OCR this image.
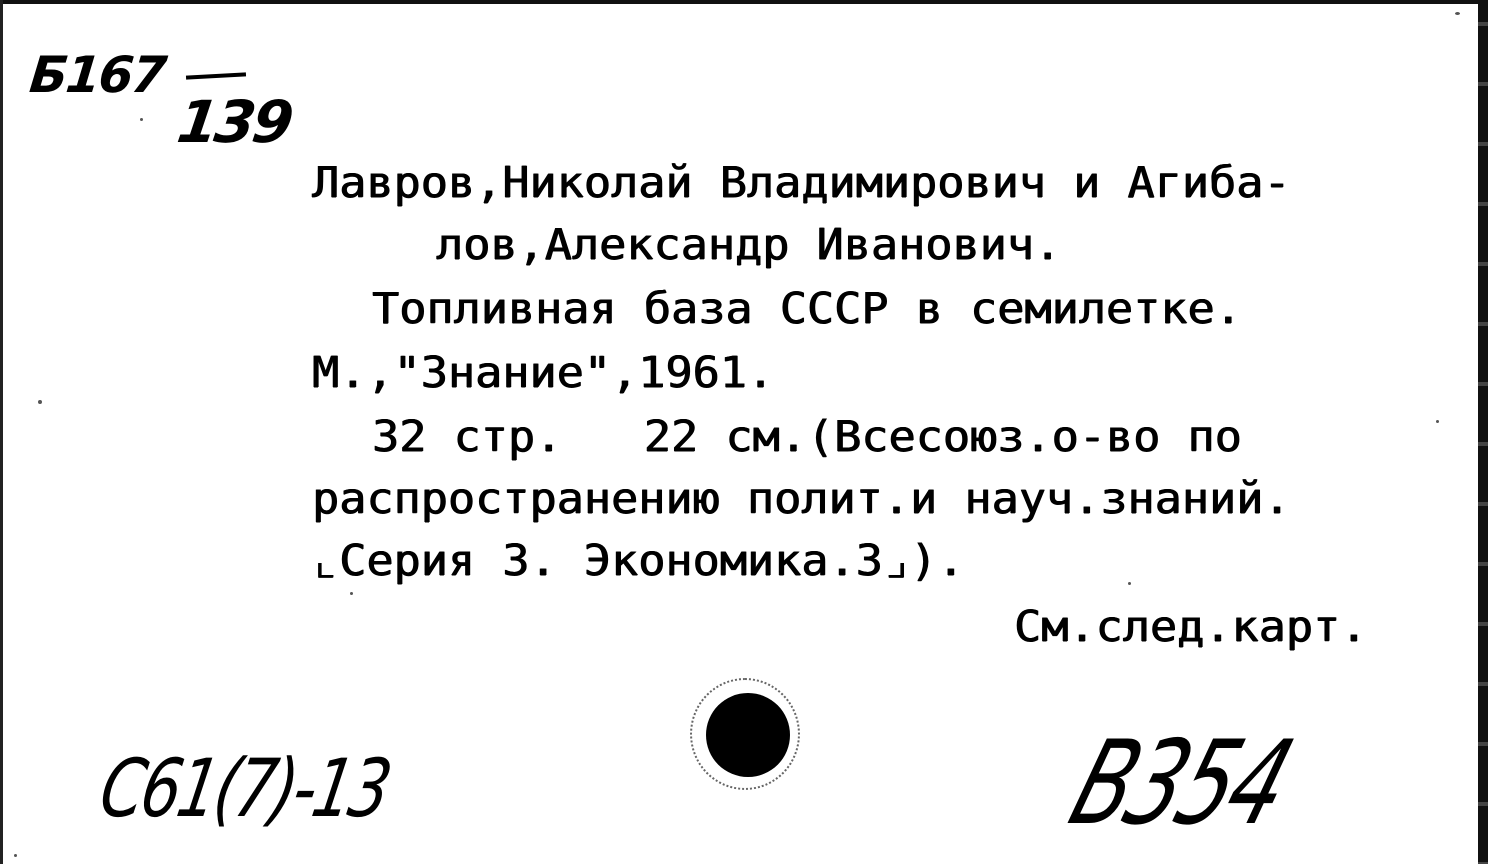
Б167
139
Лавров,Николай Владимирович и Агиба-
лов,Александр Иванович.
Топливная база СССР в семилетке.
М.,"Знание",1961.
32 стр.   22 см.(Всесоюз.о-во по
распространению полит.и науч.знаний.
⌞Серия 3. Экономика.3⌟).
См.след.карт.
С61(7)-13	В354
